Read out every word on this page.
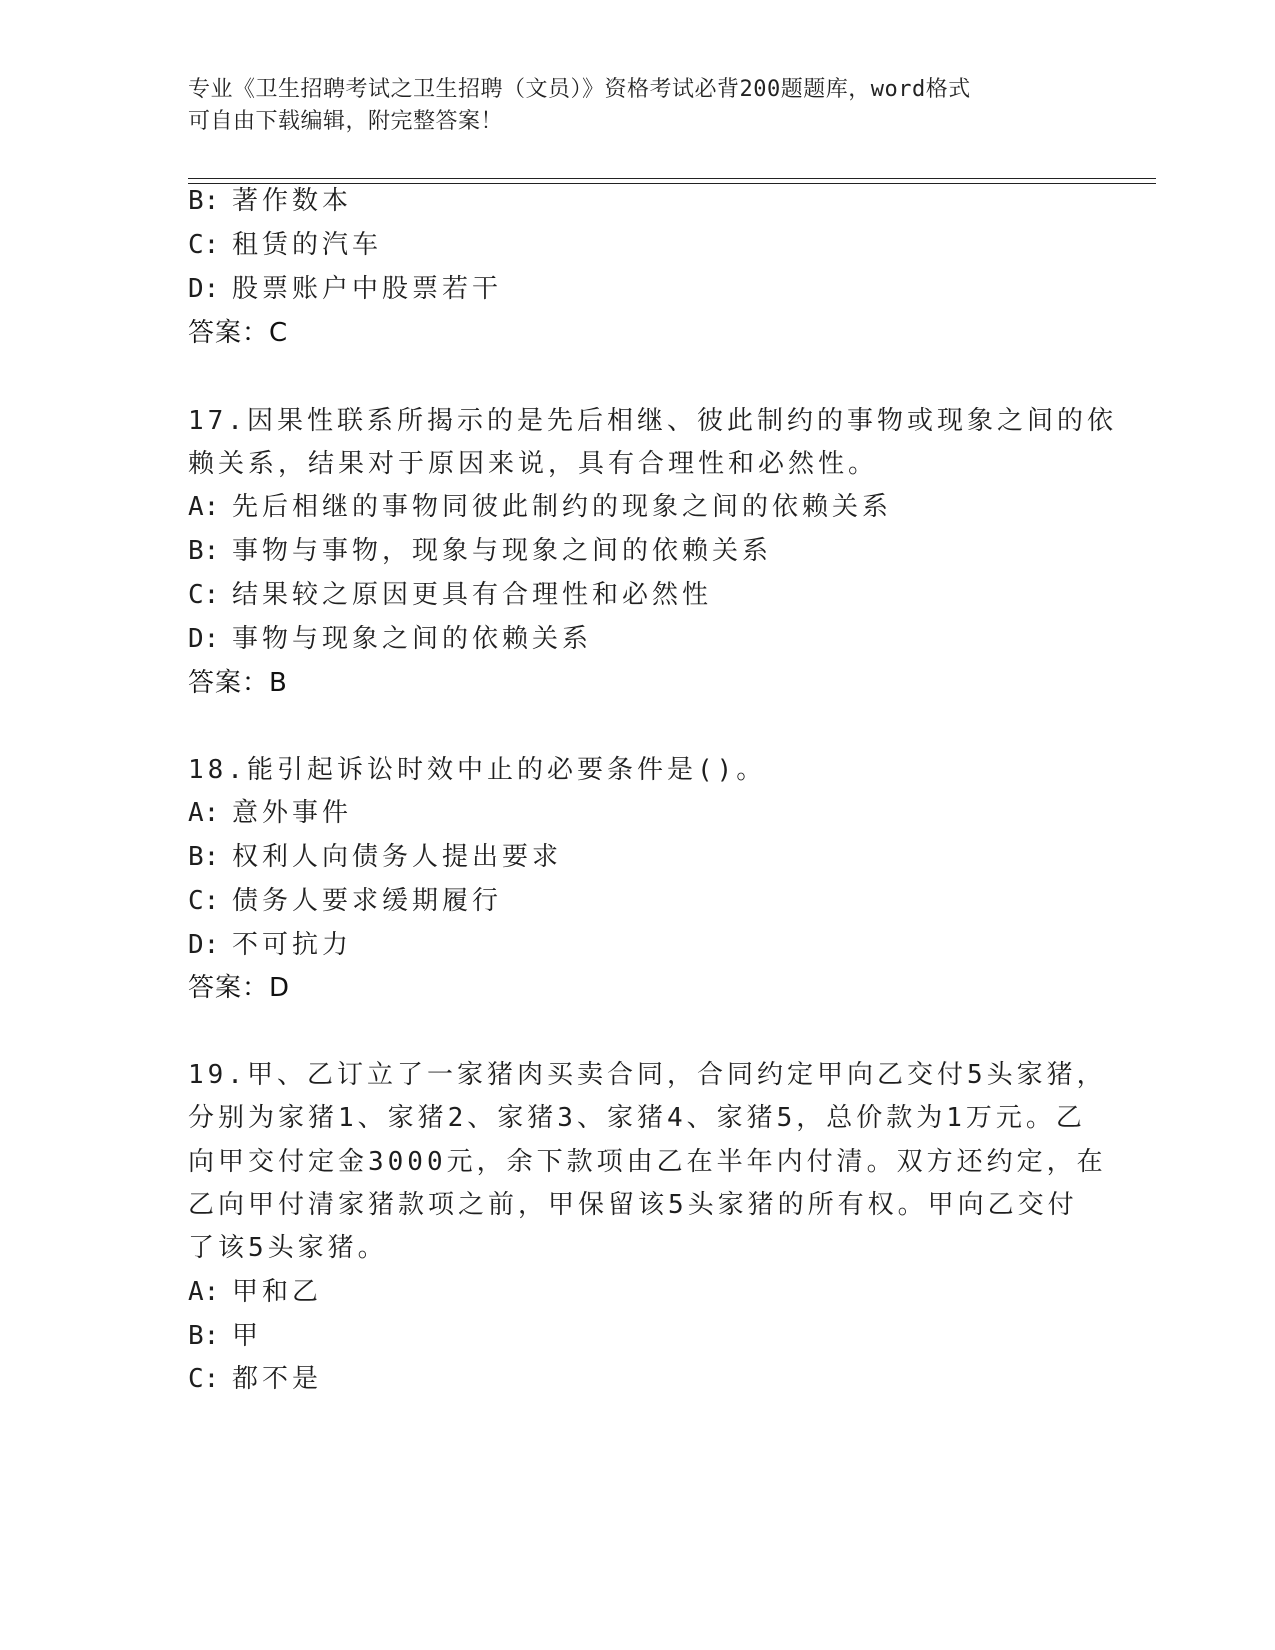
专业《卫生招聘考试之卫生招聘（文员）》资格考试必背200题题库，word格式
可自由下载编辑，附完整答案！
B: 著作数本
C: 租赁的汽车
D: 股票账户中股票若干
答案：C
17.因果性联系所揭示的是先后相继、彼此制约的事物或现象之间的依
赖关系，结果对于原因来说，具有合理性和必然性。
A: 先后相继的事物同彼此制约的现象之间的依赖关系
B: 事物与事物，现象与现象之间的依赖关系
C: 结果较之原因更具有合理性和必然性
D: 事物与现象之间的依赖关系
答案：B
18.能引起诉讼时效中止的必要条件是()。
A: 意外事件
B: 权利人向债务人提出要求
C: 债务人要求缓期履行
D: 不可抗力
答案：D
19.甲、乙订立了一家猪肉买卖合同，合同约定甲向乙交付5头家猪，
分别为家猪1、家猪2、家猪3、家猪4、家猪5，总价款为1万元。乙
向甲交付定金3000元，余下款项由乙在半年内付清。双方还约定，在
乙向甲付清家猪款项之前，甲保留该5头家猪的所有权。甲向乙交付
了该5头家猪。
A: 甲和乙
B: 甲
C: 都不是
